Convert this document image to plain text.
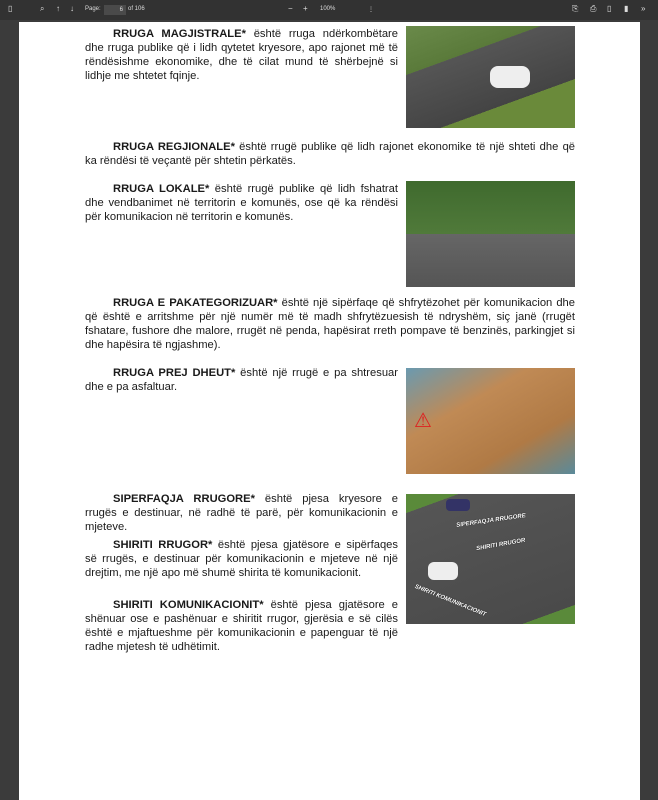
▯	⌕ ↑ ↓ Page:	6 of 106	− + 100%	⋮	⎘ ⎙ ▯ ▮ »
RRUGA MAGJISTRALE* është rruga ndërkombëtare dhe rruga publike që i lidh qytetet kryesore, apo rajonet më të rëndësishme ekonomike, dhe të cilat mund të shërbejnë si lidhje me shtetet fqinje.
RRUGA REGJIONALE* është rrugë publike që lidh rajonet ekonomike të një shteti dhe që ka rëndësi të veçantë për shtetin përkatës.
RRUGA LOKALE* është rrugë publike që lidh fshatrat dhe vendbanimet në territorin e komunës, ose që ka rëndësi për komunikacion në territorin e komunës.
RRUGA E PAKATEGORIZUAR* është një sipërfaqe që shfrytëzohet për komunikacion dhe që është e arritshme për një numër më të madh shfrytëzuesish të ndryshëm, siç janë (rrugët fshatare, fushore dhe malore, rrugët në penda, hapësirat rreth pompave të benzinës, parkingjet si dhe hapësira të ngjashme).
RRUGA PREJ DHEUT* është një rrugë e pa shtresuar dhe e pa asfaltuar.
⚠
SIPERFAQJA RRUGORE* është pjesa kryesore e rrugës e destinuar, në radhë të parë, për komunikacionin e mjeteve.
SHIRITI RRUGOR* është pjesa gjatësore e sipërfaqes së rrugës, e destinuar për komunikacionin e mjeteve në një drejtim, me një apo më shumë shirita të komunikacionit.
SHIRITI KOMUNIKACIONIT* është pjesa gjatësore e shënuar ose e pashënuar e shiritit rrugor, gjerësia e së cilës është e mjaftueshme për komunikacionin e papenguar të një radhe mjetesh të udhëtimit.
SIPERFAQJA RRUGORE
SHIRITI RRUGOR
SHIRITI KOMUNIKACIONIT
